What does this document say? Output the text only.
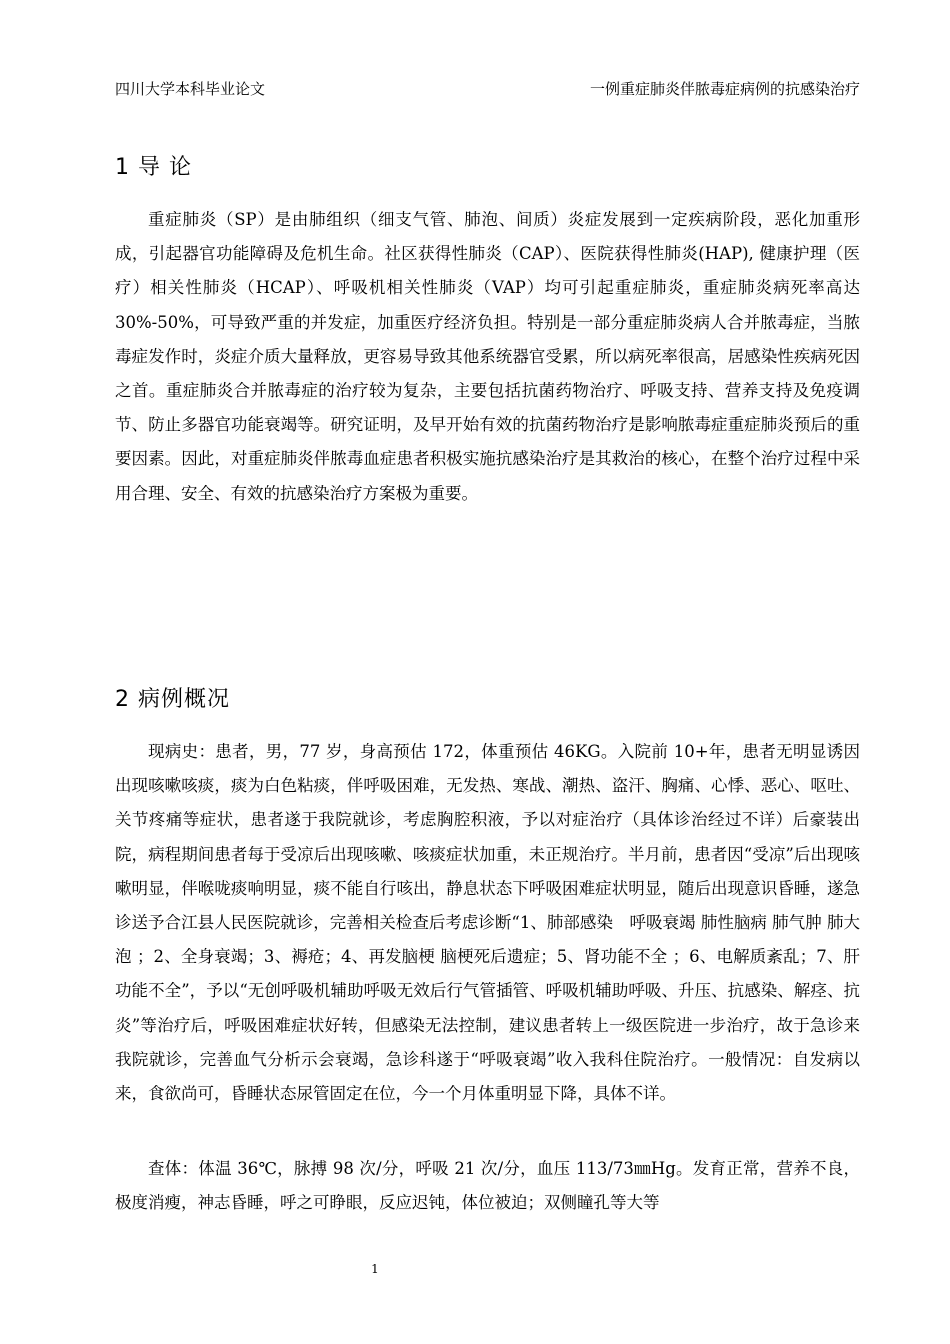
四川大学本科毕业论文	一例重症肺炎伴脓毒症病例的抗感染治疗
1 导 论

重症肺炎（SP）是由肺组织（细支气管、肺泡、间质）炎症发展到一定疾病阶段，恶化加重形成，引起器官功能障碍及危机生命。社区获得性肺炎（CAP）、医院获得性肺炎(HAP), 健康护理（医疗）相关性肺炎（HCAP）、呼吸机相关性肺炎（VAP）均可引起重症肺炎，重症肺炎病死率高达 30%-50%，可导致严重的并发症，加重医疗经济负担。特别是一部分重症肺炎病人合并脓毒症，当脓毒症发作时，炎症介质大量释放，更容易导致其他系统器官受累，所以病死率很高，居感染性疾病死因之首。重症肺炎合并脓毒症的治疗较为复杂，主要包括抗菌药物治疗、呼吸支持、营养支持及免疫调节、防止多器官功能衰竭等。研究证明，及早开始有效的抗菌药物治疗是影响脓毒症重症肺炎预后的重要因素。因此，对重症肺炎伴脓毒血症患者积极实施抗感染治疗是其救治的核心，在整个治疗过程中采用合理、安全、有效的抗感染治疗方案极为重要。

2 病例概况

现病史：患者，男，77 岁，身高预估 172，体重预估 46KG。入院前 10+年，患者无明显诱因出现咳嗽咳痰，痰为白色粘痰，伴呼吸困难，无发热、寒战、潮热、盗汗、胸痛、心悸、恶心、呕吐、关节疼痛等症状，患者遂于我院就诊，考虑胸腔积液，予以对症治疗（具体诊治经过不详）后豪装出院，病程期间患者每于受凉后出现咳嗽、咳痰症状加重，未正规治疗。半月前，患者因“受凉”后出现咳嗽明显，伴喉咙痰响明显，痰不能自行咳出，静息状态下呼吸困难症状明显，随后出现意识昏睡，遂急诊送予合江县人民医院就诊，完善相关检查后考虑诊断“1、肺部感染　呼吸衰竭 肺性脑病 肺气肿 肺大泡 ；2、全身衰竭；3、褥疮；4、再发脑梗 脑梗死后遗症；5、肾功能不全 ；6、电解质紊乱；7、肝功能不全”，予以“无创呼吸机辅助呼吸无效后行气管插管、呼吸机辅助呼吸、升压、抗感染、解痉、抗炎”等治疗后，呼吸困难症状好转，但感染无法控制，建议患者转上一级医院进一步治疗，故于急诊来我院就诊，完善血气分析示会衰竭，急诊科遂于“呼吸衰竭”收入我科住院治疗。一般情况：自发病以来，食欲尚可，昏睡状态尿管固定在位，今一个月体重明显下降，具体不详。

查体：体温 36℃，脉搏 98 次/分，呼吸 21 次/分，血压 113/73㎜Hg。发育正常，营养不良，极度消瘦，神志昏睡，呼之可睁眼，反应迟钝，体位被迫；双侧瞳孔等大等

1
